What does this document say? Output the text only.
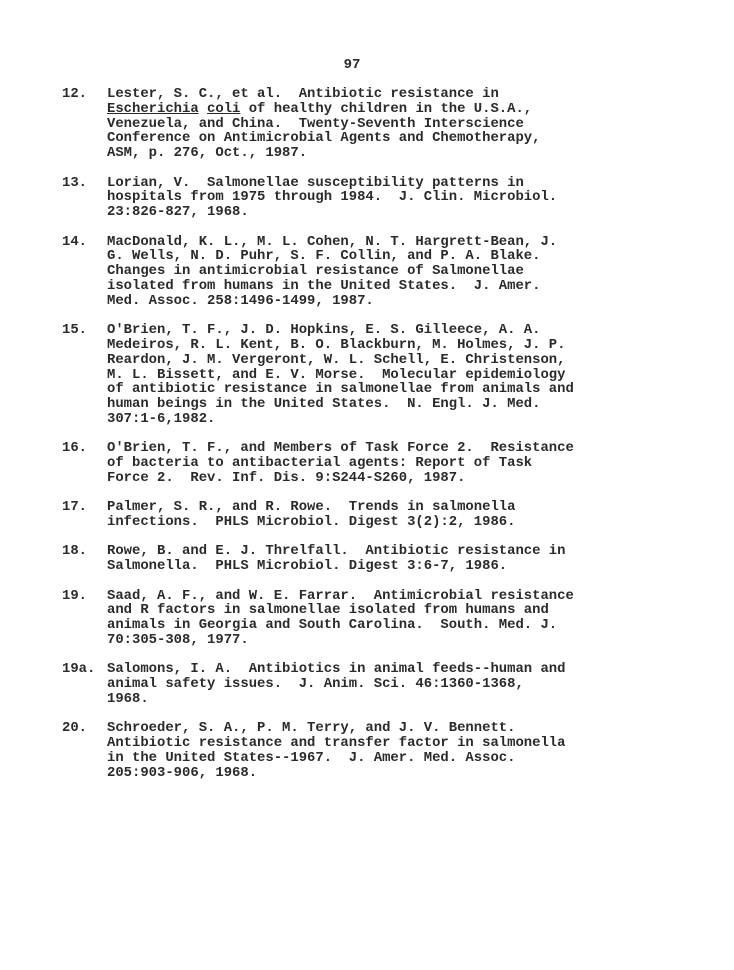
97
12.	Lester, S. C., et al.  Antibiotic resistance in
Escherichia coli of healthy children in the U.S.A.,
Venezuela, and China.  Twenty-Seventh Interscience
Conference on Antimicrobial Agents and Chemotherapy,
ASM, p. 276, Oct., 1987.
13.	Lorian, V.  Salmonellae susceptibility patterns in
hospitals from 1975 through 1984.  J. Clin. Microbiol.
23:826-827, 1968.
14.	MacDonald, K. L., M. L. Cohen, N. T. Hargrett-Bean, J.
G. Wells, N. D. Puhr, S. F. Collin, and P. A. Blake.
Changes in antimicrobial resistance of Salmonellae
isolated from humans in the United States.  J. Amer.
Med. Assoc. 258:1496-1499, 1987.
15.	O'Brien, T. F., J. D. Hopkins, E. S. Gilleece, A. A.
Medeiros, R. L. Kent, B. O. Blackburn, M. Holmes, J. P.
Reardon, J. M. Vergeront, W. L. Schell, E. Christenson,
M. L. Bissett, and E. V. Morse.  Molecular epidemiology
of antibiotic resistance in salmonellae from animals and
human beings in the United States.  N. Engl. J. Med.
307:1-6,1982.
16.	O'Brien, T. F., and Members of Task Force 2.  Resistance
of bacteria to antibacterial agents: Report of Task
Force 2.  Rev. Inf. Dis. 9:S244-S260, 1987.
17.	Palmer, S. R., and R. Rowe.  Trends in salmonella
infections.  PHLS Microbiol. Digest 3(2):2, 1986.
18.	Rowe, B. and E. J. Threlfall.  Antibiotic resistance in
Salmonella.  PHLS Microbiol. Digest 3:6-7, 1986.
19.	Saad, A. F., and W. E. Farrar.  Antimicrobial resistance
and R factors in salmonellae isolated from humans and
animals in Georgia and South Carolina.  South. Med. J.
70:305-308, 1977.
19a. Salomons, I. A.  Antibiotics in animal feeds--human and
animal safety issues.  J. Anim. Sci. 46:1360-1368,
1968.
20.	Schroeder, S. A., P. M. Terry, and J. V. Bennett.
Antibiotic resistance and transfer factor in salmonella
in the United States--1967.  J. Amer. Med. Assoc.
205:903-906, 1968.
